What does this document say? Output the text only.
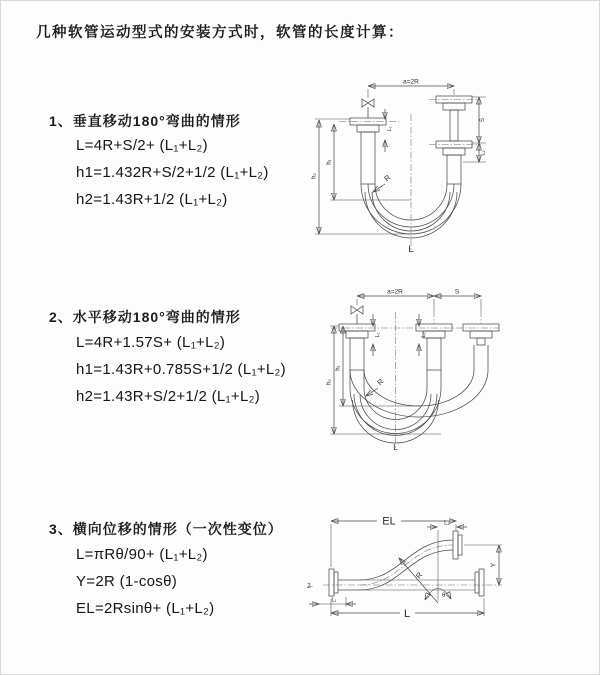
几种软管运动型式的安装方式时，软管的长度计算：
1、垂直移动180°弯曲的情形
L=4R+S/2+ (L₁+L₂)
h1=1.432R+S/2+1/2 (L₁+L₂)
h2=1.43R+1/2 (L₁+L₂)
2、水平移动180°弯曲的情形
L=4R+1.57S+ (L₁+L₂)
h1=1.43R+0.785S+1/2 (L₁+L₂)
h2=1.43R+S/2+1/2 (L₁+L₂)
3、横向位移的情形（一次性变位）
L=πRθ/90+ (L₁+L₂)
Y=2R (1-cosθ)
EL=2Rsinθ+ (L₁+L₂)
a=2R
h₂
h₁
L₁
S
L₂
R
L
a=2R	S
h₂
h₁
L₁	L₂
R
L
EL	L₂
R
θ
Y
L₁
L
Z̶
